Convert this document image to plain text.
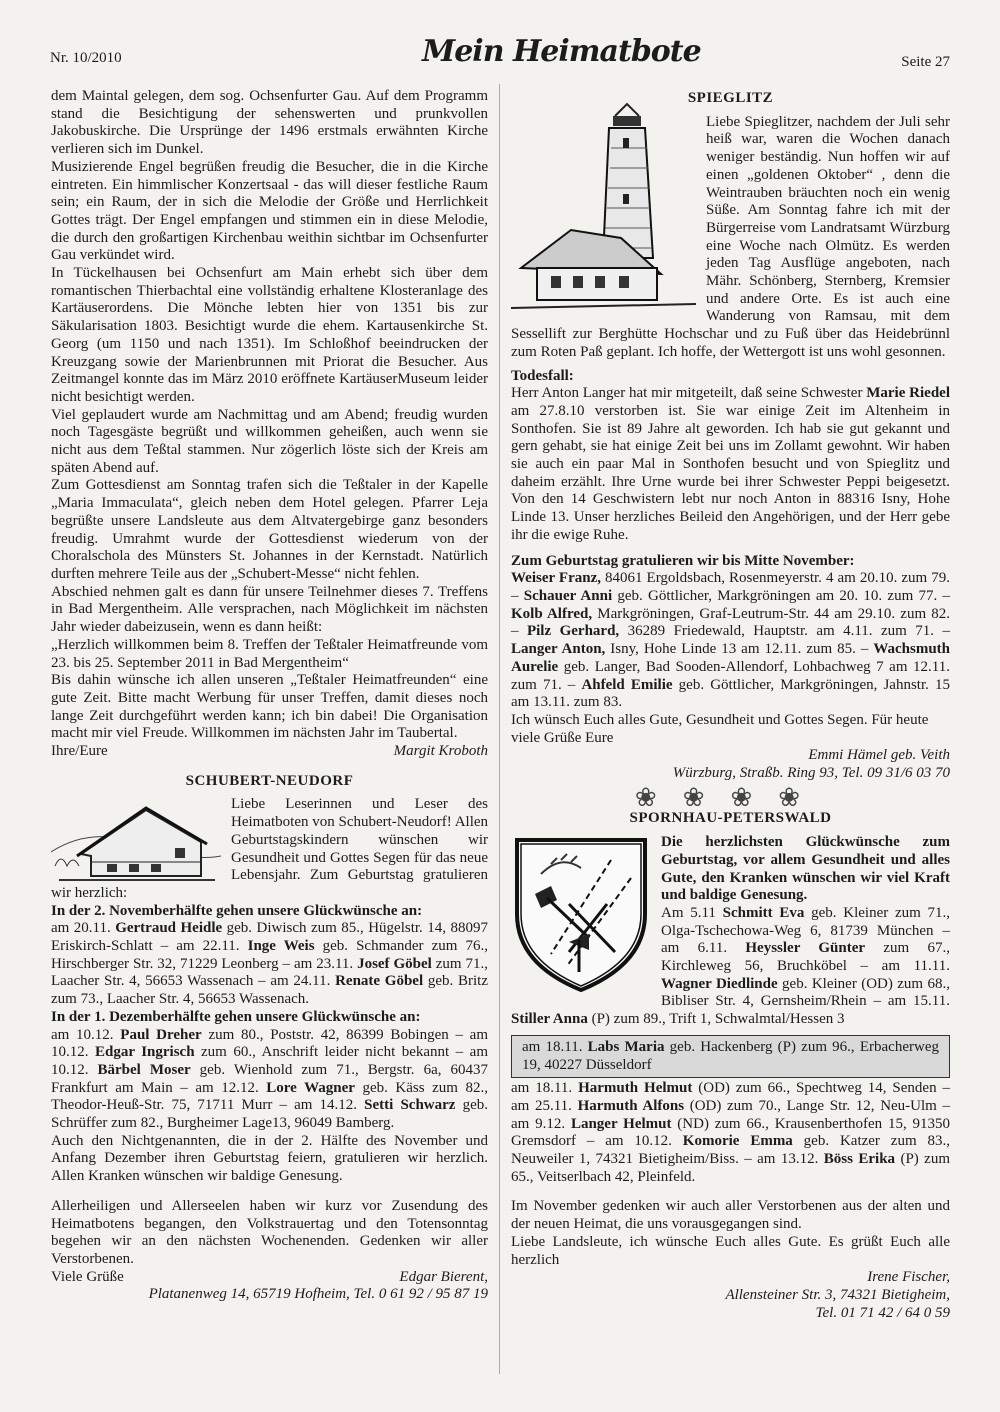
Nr. 10/2010	Mein Heimatbote	Seite 27

dem Maintal gelegen, dem sog. Ochsenfurter Gau. Auf dem Programm stand die Besichtigung der sehenswerten und prunkvollen Jakobuskirche. Die Ursprünge der 1496 erstmals erwähnten Kirche verlieren sich im Dunkel.

Musizierende Engel begrüßen freudig die Besucher, die in die Kirche eintreten. Ein himmlischer Konzertsaal - das will dieser festliche Raum sein; ein Raum, der in sich die Melodie der Größe und Herrlichkeit Gottes trägt. Der Engel empfangen und stimmen ein in diese Melodie, die durch den großartigen Kirchenbau weithin sichtbar im Ochsenfurter Gau verkündet wird.

In Tückelhausen bei Ochsenfurt am Main erhebt sich über dem romantischen Thierbachtal eine vollständig erhaltene Klosteranlage des Kartäuserordens. Die Mönche lebten hier von 1351 bis zur Säkularisation 1803. Besichtigt wurde die ehem. Kartausenkirche St. Georg (um 1150 und nach 1351). Im Schloßhof beeindrucken der Kreuzgang sowie der Marienbrunnen mit Priorat die Besucher. Aus Zeitmangel konnte das im März 2010 eröffnete KartäuserMuseum leider nicht besichtigt werden.

Viel geplaudert wurde am Nachmittag und am Abend; freudig wurden noch Tagesgäste begrüßt und willkommen geheißen, auch wenn sie nicht aus dem Teßtal stammen. Nur zögerlich löste sich der Kreis am späten Abend auf.

Zum Gottesdienst am Sonntag trafen sich die Teßtaler in der Kapelle „Maria Immaculata“, gleich neben dem Hotel gelegen. Pfarrer Leja begrüßte unsere Landsleute aus dem Altvatergebirge ganz besonders freudig. Umrahmt wurde der Gottesdienst wiederum von der Choralschola des Münsters St. Johannes in der Kernstadt. Natürlich durften mehrere Teile aus der „Schubert-Messe“ nicht fehlen.

Abschied nehmen galt es dann für unsere Teilnehmer dieses 7. Treffens in Bad Mergentheim. Alle versprachen, nach Möglichkeit im nächsten Jahr wieder dabeizusein, wenn es dann heißt:

„Herzlich willkommen beim 8. Treffen der Teßtaler Heimatfreunde vom 23. bis 25. September 2011 in Bad Mergentheim“

Bis dahin wünsche ich allen unseren „Teßtaler Heimatfreunden“ eine gute Zeit. Bitte macht Werbung für unser Treffen, damit dieses noch lange Zeit durchgeführt werden kann; ich bin dabei! Die Organisation macht mir viel Freude. Willkommen im nächsten Jahr im Taubertal.

Ihre/Eure	Margit Kroboth
SCHUBERT-NEUDORF

Liebe Leserinnen und Leser des Heimatboten von Schubert-Neudorf! Allen Geburtstagskindern wünschen wir Gesundheit und Gottes Segen für das neue Lebensjahr. Zum Geburtstag gratulieren wir herzlich:

In der 2. Novemberhälfte gehen unsere Glückwünsche an:

am 20.11. Gertraud Heidle geb. Diwisch zum 85., Hügelstr. 14, 88097 Eriskirch-Schlatt – am 22.11. Inge Weis geb. Schmander zum 76., Hirschberger Str. 32, 71229 Leonberg – am 23.11. Josef Göbel zum 71., Laacher Str. 4, 56653 Wassenach – am 24.11. Renate Göbel geb. Britz zum 73., Laacher Str. 4, 56653 Wassenach.

In der 1. Dezemberhälfte gehen unsere Glückwünsche an:

am 10.12. Paul Dreher zum 80., Poststr. 42, 86399 Bobingen – am 10.12. Edgar Ingrisch zum 60., Anschrift leider nicht bekannt – am 10.12. Bärbel Moser geb. Wienhold zum 71., Bergstr. 6a, 60437 Frankfurt am Main – am 12.12. Lore Wagner geb. Käss zum 82., Theodor-Heuß-Str. 75, 71711 Murr – am 14.12. Setti Schwarz geb. Schrüffer zum 82., Burgheimer Lage13, 96049 Bamberg.

Auch den Nichtgenannten, die in der 2. Hälfte des November und Anfang Dezember ihren Geburtstag feiern, gratulieren wir herzlich. Allen Kranken wünschen wir baldige Genesung.

Allerheiligen und Allerseelen haben wir kurz vor Zusendung des Heimatbotens begangen, den Volkstrauertag und den Totensonntag begehen wir an den nächsten Wochenenden. Gedenken wir aller Verstorbenen.

Viele Grüße	Edgar Bierent,

Platanenweg 14, 65719 Hofheim, Tel. 0 61 92 / 95 87 19

SPIEGLITZ

Liebe Spieglitzer, nachdem der Juli sehr heiß war, waren die Wochen danach weniger beständig. Nun hoffen wir auf einen „goldenen Oktober“ , denn die Weintrauben bräuchten noch ein wenig Süße. Am Sonntag fahre ich mit der Bürgerreise vom Landratsamt Würzburg eine Woche nach Olmütz. Es werden jeden Tag Ausflüge angeboten, nach Mähr. Schönberg, Sternberg, Kremsier und andere Orte. Es ist auch eine Wanderung von Ramsau, mit dem Sessellift zur Berghütte Hochschar und zu Fuß über das Heidebrünnl zum Roten Paß geplant. Ich hoffe, der Wettergott ist uns wohl gesonnen.

Todesfall:

Herr Anton Langer hat mir mitgeteilt, daß seine Schwester Marie Riedel am 27.8.10 verstorben ist. Sie war einige Zeit im Altenheim in Sonthofen. Sie ist 89 Jahre alt geworden. Ich hab sie gut gekannt und gern gehabt, sie hat einige Zeit bei uns im Zollamt gewohnt. Wir haben sie auch ein paar Mal in Sonthofen besucht und von Spieglitz und daheim erzählt. Ihre Urne wurde bei ihrer Schwester Peppi beigesetzt. Von den 14 Geschwistern lebt nur noch Anton in 88316 Isny, Hohe Linde 13. Unser herzliches Beileid den Angehörigen, und der Herr gebe ihr die ewige Ruhe.

Zum Geburtstag gratulieren wir bis Mitte November:

Weiser Franz, 84061 Ergoldsbach, Rosenmeyerstr. 4 am 20.10. zum 79. – Schauer Anni geb. Göttlicher, Markgröningen am 20. 10. zum 77. – Kolb Alfred, Markgröningen, Graf-Leutrum-Str. 44 am 29.10. zum 82. – Pilz Gerhard, 36289 Friedewald, Hauptstr. am 4.11. zum 71. – Langer Anton, Isny, Hohe Linde 13 am 12.11. zum 85. – Wachsmuth Aurelie geb. Langer, Bad Sooden-Allendorf, Lohbachweg 7 am 12.11. zum 71. – Ahfeld Emilie geb. Göttlicher, Markgröningen, Jahnstr. 15 am 13.11. zum 83.

Ich wünsch Euch alles Gute, Gesundheit und Gottes Segen. Für heute viele Grüße Eure

Emmi Hämel geb. Veith

Würzburg, Straßb. Ring 93, Tel. 09 31/6 03 70

❀❀❀❀
SPORNHAU-PETERSWALD

Die herzlichsten Glückwünsche zum Geburtstag, vor allem Gesundheit und alles Gute, den Kranken wünschen wir viel Kraft und baldige Genesung.

Am 5.11 Schmitt Eva geb. Kleiner zum 71., Olga-Tschechowa-Weg 6, 81739 München – am 6.11. Heyssler Günter zum 67., Kirchleweg 56, Bruchköbel – am 11.11. Wagner Diedlinde geb. Kleiner (OD) zum 68., Bibliser Str. 4, Gernsheim/Rhein – am 15.11. Stiller Anna (P) zum 89., Trift 1, Schwalmtal/Hessen 3

am 18.11. Labs Maria geb. Hackenberg (P) zum 96., Erbacherweg 19, 40227 Düsseldorf

am 18.11. Harmuth Helmut (OD) zum 66., Spechtweg 14, Senden – am 25.11. Harmuth Alfons (OD) zum 70., Lange Str. 12, Neu-Ulm – am 9.12. Langer Helmut (ND) zum 66., Krausenberthofen 15, 91350 Gremsdorf – am 10.12. Komorie Emma geb. Katzer zum 83., Neuweiler 1, 74321 Bietigheim/Biss. – am 13.12. Böss Erika (P) zum 65., Veitserlbach 42, Pleinfeld.

Im November gedenken wir auch aller Verstorbenen aus der alten und der neuen Heimat, die uns vorausgegangen sind.

Liebe Landsleute, ich wünsche Euch alles Gute. Es grüßt Euch alle herzlich

Irene Fischer,

Allensteiner Str. 3, 74321 Bietigheim,

Tel. 01 71 42 / 64 0 59
